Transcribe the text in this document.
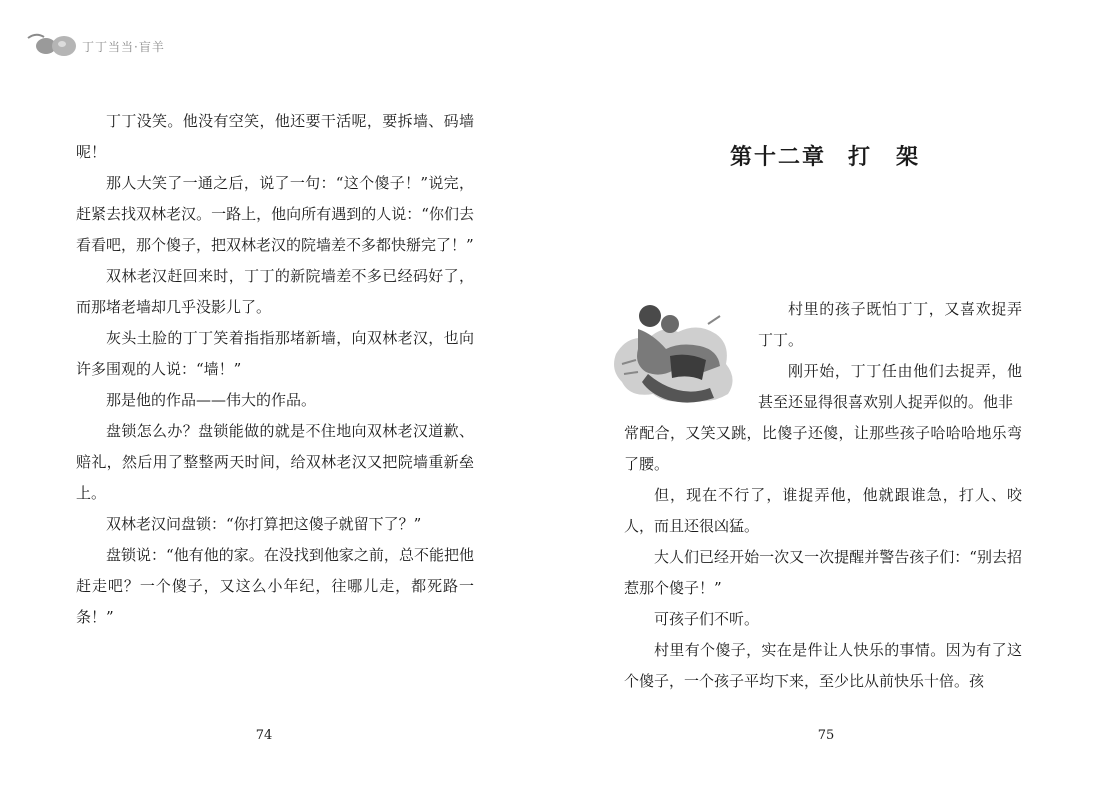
丁丁当当·盲羊

丁丁没笑。他没有空笑，他还要干活呢，要拆墙、码墙呢！

那人大笑了一通之后，说了一句：“这个傻子！”说完，赶紧去找双林老汉。一路上，他向所有遇到的人说：“你们去看看吧，那个傻子，把双林老汉的院墙差不多都快掰完了！”

双林老汉赶回来时，丁丁的新院墙差不多已经码好了，而那堵老墙却几乎没影儿了。

灰头土脸的丁丁笑着指指那堵新墙，向双林老汉，也向许多围观的人说：“墙！”

那是他的作品——伟大的作品。

盘锁怎么办？盘锁能做的就是不住地向双林老汉道歉、赔礼，然后用了整整两天时间，给双林老汉又把院墙重新垒上。

双林老汉问盘锁：“你打算把这傻子就留下了？”

盘锁说：“他有他的家。在没找到他家之前，总不能把他赶走吧？一个傻子，又这么小年纪，往哪儿走，都死路一条！”

74
第十二章 打　架

村里的孩子既怕丁丁，又喜欢捉弄丁丁。

刚开始，丁丁任由他们去捉弄，他甚至还显得很喜欢别人捉弄似的。他非

常配合，又笑又跳，比傻子还傻，让那些孩子哈哈哈地乐弯了腰。

但，现在不行了，谁捉弄他，他就跟谁急，打人、咬人，而且还很凶猛。

大人们已经开始一次又一次提醒并警告孩子们：“别去招惹那个傻子！”

可孩子们不听。

村里有个傻子，实在是件让人快乐的事情。因为有了这个傻子，一个孩子平均下来，至少比从前快乐十倍。孩

75
